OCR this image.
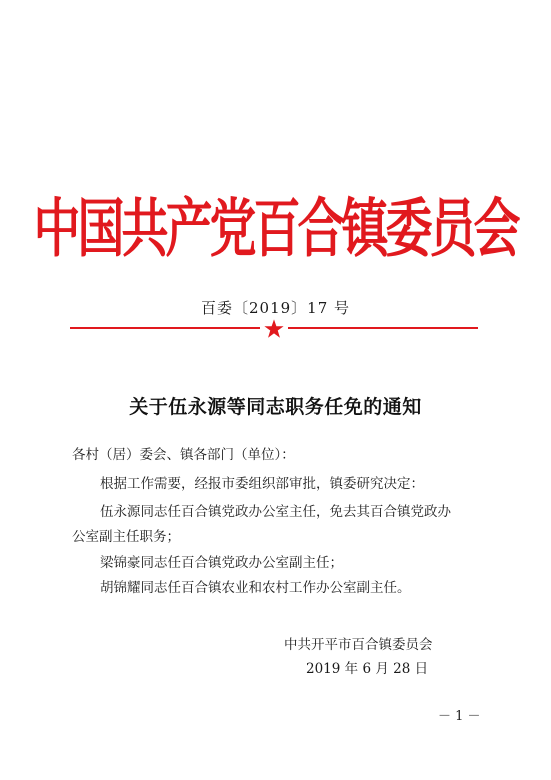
中国共产党百合镇委员会
百委〔2019〕17 号
关于伍永源等同志职务任免的通知
各村（居）委会、镇各部门（单位）：
根据工作需要，经报市委组织部审批，镇委研究决定：
伍永源同志任百合镇党政办公室主任，免去其百合镇党政办
公室副主任职务；
梁锦豪同志任百合镇党政办公室副主任；
胡锦耀同志任百合镇农业和农村工作办公室副主任。
中共开平市百合镇委员会
2019 年 6 月 28 日
－ 1 －
